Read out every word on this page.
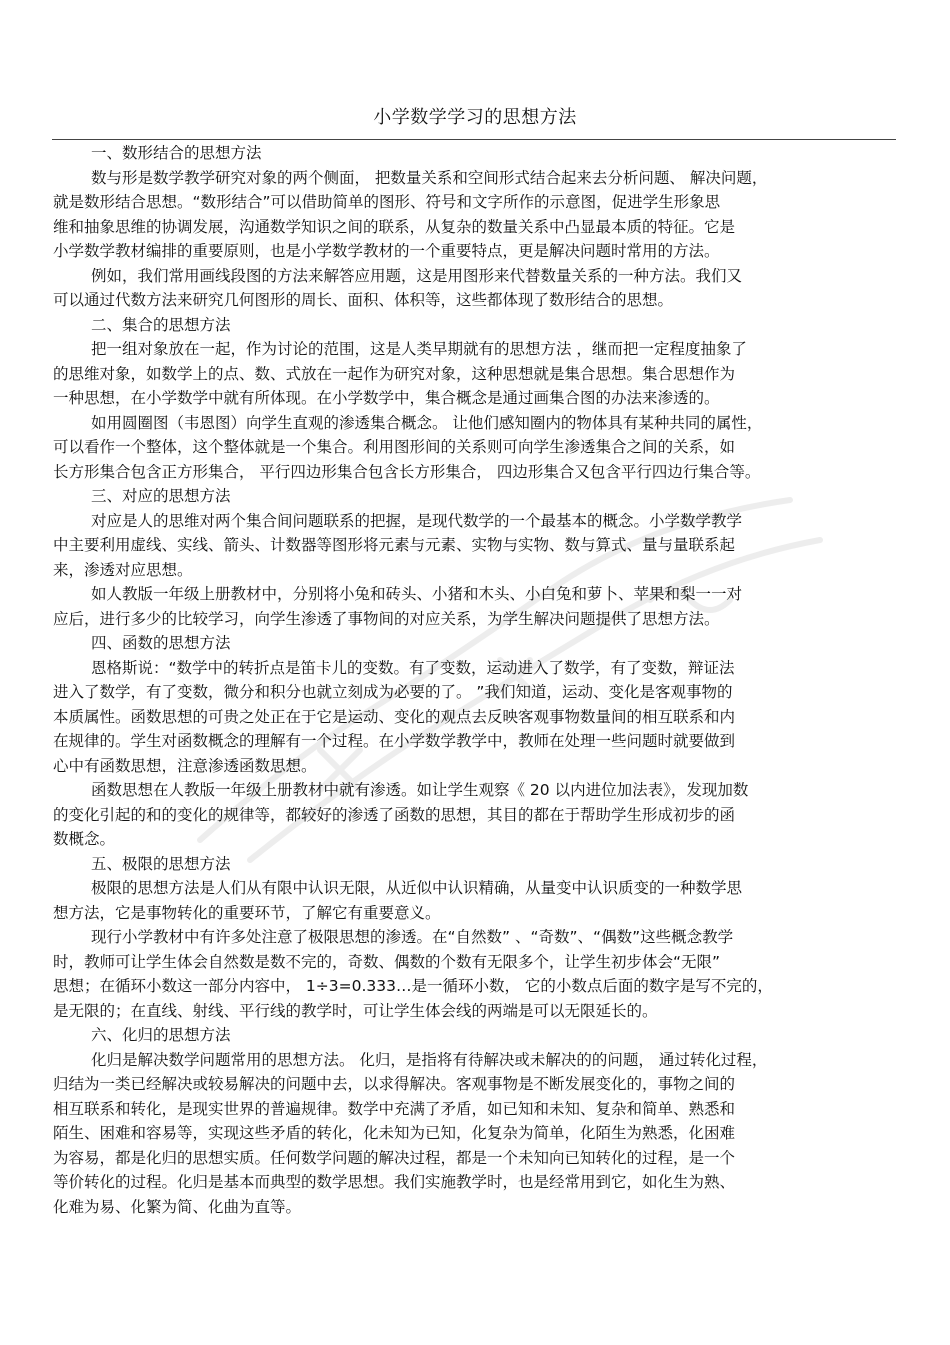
小学数学学习的思想方法
一、数形结合的思想方法
数与形是数学教学研究对象的两个侧面， 把数量关系和空间形式结合起来去分析问题、 解决问题，
就是数形结合思想。“数形结合”可以借助简单的图形、符号和文字所作的示意图，促进学生形象思
维和抽象思维的协调发展，沟通数学知识之间的联系，从复杂的数量关系中凸显最本质的特征。它是
小学数学教材编排的重要原则，也是小学数学教材的一个重要特点，更是解决问题时常用的方法。
例如，我们常用画线段图的方法来解答应用题，这是用图形来代替数量关系的一种方法。我们又
可以通过代数方法来研究几何图形的周长、面积、体积等，这些都体现了数形结合的思想。
二、集合的思想方法
把一组对象放在一起，作为讨论的范围，这是人类早期就有的思想方法 ，继而把一定程度抽象了
的思维对象，如数学上的点、数、式放在一起作为研究对象，这种思想就是集合思想。集合思想作为
一种思想，在小学数学中就有所体现。在小学数学中，集合概念是通过画集合图的办法来渗透的。
如用圆圈图（韦恩图）向学生直观的渗透集合概念。 让他们感知圈内的物体具有某种共同的属性，
可以看作一个整体，这个整体就是一个集合。利用图形间的关系则可向学生渗透集合之间的关系，如
长方形集合包含正方形集合， 平行四边形集合包含长方形集合， 四边形集合又包含平行四边行集合等。
三、对应的思想方法
对应是人的思维对两个集合间问题联系的把握，是现代数学的一个最基本的概念。小学数学教学
中主要利用虚线、实线、箭头、计数器等图形将元素与元素、实物与实物、数与算式、量与量联系起
来，渗透对应思想。
如人教版一年级上册教材中，分别将小兔和砖头、小猪和木头、小白兔和萝卜、苹果和梨一一对
应后，进行多少的比较学习，向学生渗透了事物间的对应关系，为学生解决问题提供了思想方法。
四、函数的思想方法
恩格斯说：“数学中的转折点是笛卡儿的变数。有了变数，运动进入了数学，有了变数，辩证法
进入了数学，有了变数，微分和积分也就立刻成为必要的了。 ”我们知道，运动、变化是客观事物的
本质属性。函数思想的可贵之处正在于它是运动、变化的观点去反映客观事物数量间的相互联系和内
在规律的。学生对函数概念的理解有一个过程。在小学数学教学中，教师在处理一些问题时就要做到
心中有函数思想，注意渗透函数思想。
函数思想在人教版一年级上册教材中就有渗透。如让学生观察《 20 以内进位加法表》，发现加数
的变化引起的和的变化的规律等，都较好的渗透了函数的思想，其目的都在于帮助学生形成初步的函
数概念。
五、极限的思想方法
极限的思想方法是人们从有限中认识无限，从近似中认识精确，从量变中认识质变的一种数学思
想方法，它是事物转化的重要环节，了解它有重要意义。
现行小学教材中有许多处注意了极限思想的渗透。在“自然数” 、“奇数”、“偶数”这些概念教学
时，教师可让学生体会自然数是数不完的，奇数、偶数的个数有无限多个，让学生初步体会“无限”
思想；在循环小数这一部分内容中， 1÷3=0.333…是一循环小数， 它的小数点后面的数字是写不完的，
是无限的；在直线、射线、平行线的教学时，可让学生体会线的两端是可以无限延长的。
六、化归的思想方法
化归是解决数学问题常用的思想方法。 化归，是指将有待解决或未解决的的问题， 通过转化过程，
归结为一类已经解决或较易解决的问题中去，以求得解决。客观事物是不断发展变化的，事物之间的
相互联系和转化，是现实世界的普遍规律。数学中充满了矛盾，如已知和未知、复杂和简单、熟悉和
陌生、困难和容易等，实现这些矛盾的转化，化未知为已知，化复杂为简单，化陌生为熟悉，化困难
为容易，都是化归的思想实质。任何数学问题的解决过程，都是一个未知向已知转化的过程，是一个
等价转化的过程。化归是基本而典型的数学思想。我们实施教学时，也是经常用到它，如化生为熟、
化难为易、化繁为简、化曲为直等。
